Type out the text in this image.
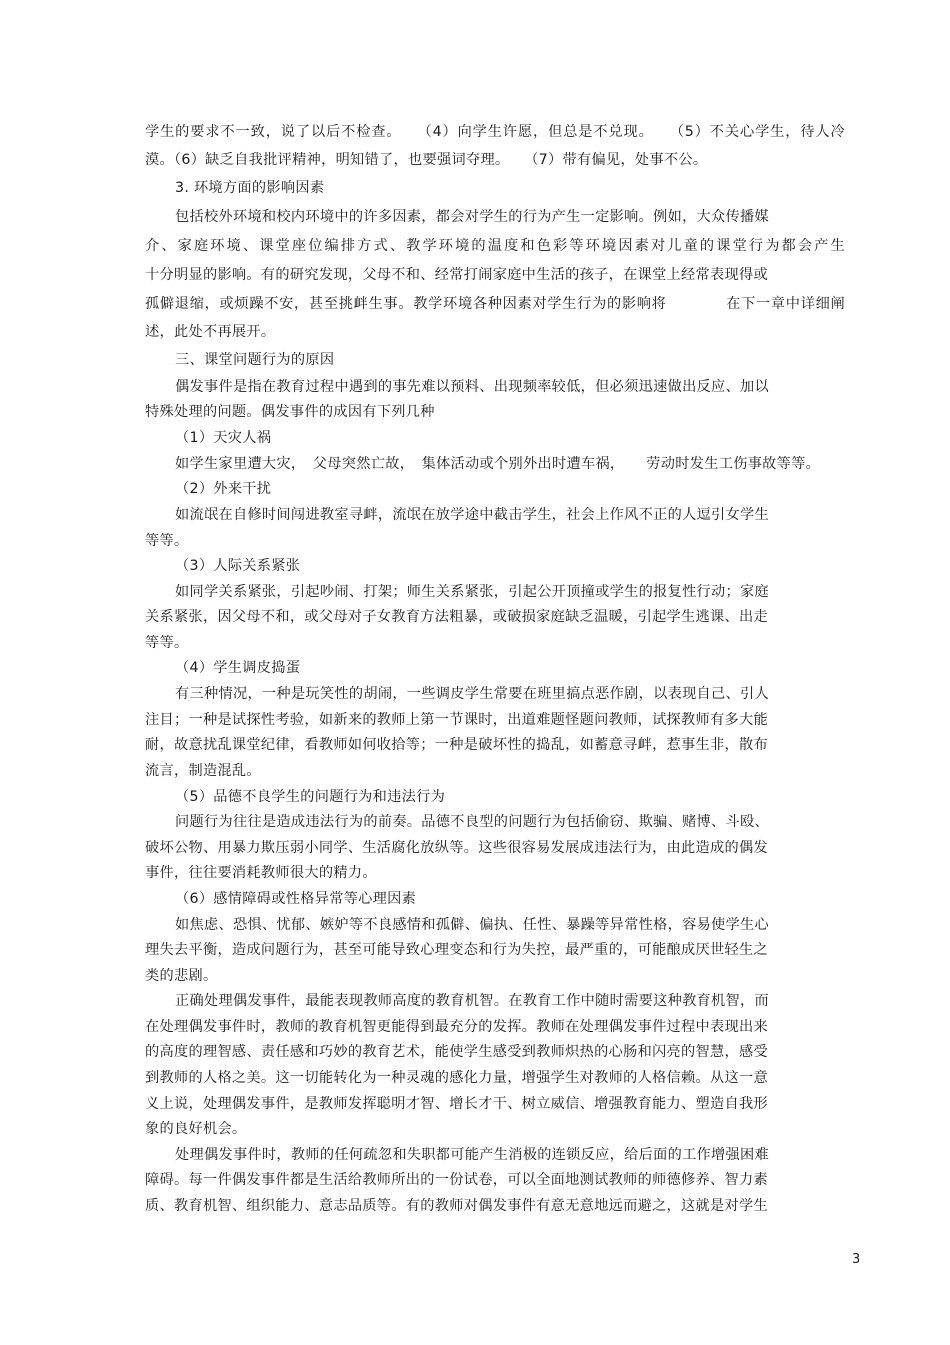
学生的要求不一致，说了以后不检查。　　（4）向学生许愿，但总是不兑现。　　（5）不关心学生，待人冷
漠。（6）缺乏自我批评精神，明知错了，也要强词夺理。　　（7）带有偏见，处事不公。
3. 环境方面的影响因素
包括校外环境和校内环境中的许多因素，都会对学生的行为产生一定影响。例如，大众传播媒
介、家庭环境、课堂座位编排方式、教学环境的温度和色彩等环境因素对儿童的课堂行为都会产生
十分明显的影响。有的研究发现，父母不和、经常打闹家庭中生活的孩子，在课堂上经常表现得或
孤僻退缩，或烦躁不安，甚至挑衅生事。教学环境各种因素对学生行为的影响将　　　　在下一章中详细阐
述，此处不再展开。
三、课堂问题行为的原因
偶发事件是指在教育过程中遇到的事先难以预料、出现频率较低，但必须迅速做出反应、加以
特殊处理的问题。偶发事件的成因有下列几种
（1）天灾人祸
如学生家里遭大灾，　父母突然亡故，　集体活动或个别外出时遭车祸，　　劳动时发生工伤事故等等。
（2）外来干扰
如流氓在自修时间闯进教室寻衅，流氓在放学途中截击学生，社会上作风不正的人逗引女学生
等等。
（3）人际关系紧张
如同学关系紧张，引起吵闹、打架；师生关系紧张，引起公开顶撞或学生的报复性行动；家庭
关系紧张，因父母不和，或父母对子女教育方法粗暴，或破损家庭缺乏温暖，引起学生逃课、出走
等等。
（4）学生调皮捣蛋
有三种情况，一种是玩笑性的胡闹，一些调皮学生常要在班里搞点恶作剧，以表现自己、引人
注目；一种是试探性考验，如新来的教师上第一节课时，出道难题怪题问教师，试探教师有多大能
耐，故意扰乱课堂纪律，看教师如何收拾等；一种是破坏性的捣乱，如蓄意寻衅，惹事生非，散布
流言，制造混乱。
（5）品德不良学生的问题行为和违法行为
问题行为往往是造成违法行为的前奏。品德不良型的问题行为包括偷窃、欺骗、赌博、斗殴、
破坏公物、用暴力欺压弱小同学、生活腐化放纵等。这些很容易发展成违法行为，由此造成的偶发
事件，往往要消耗教师很大的精力。
（6）感情障碍或性格异常等心理因素
如焦虑、恐惧、忧郁、嫉妒等不良感情和孤僻、偏执、任性、暴躁等异常性格，容易使学生心
理失去平衡，造成问题行为，甚至可能导致心理变态和行为失控，最严重的，可能酿成厌世轻生之
类的悲剧。
正确处理偶发事件，最能表现教师高度的教育机智。在教育工作中随时需要这种教育机智，而
在处理偶发事件时，教师的教育机智更能得到最充分的发挥。教师在处理偶发事件过程中表现出来
的高度的理智感、责任感和巧妙的教育艺术，能使学生感受到教师炽热的心肠和闪亮的智慧，感受
到教师的人格之美。这一切能转化为一种灵魂的感化力量，增强学生对教师的人格信赖。从这一意
义上说，处理偶发事件，是教师发挥聪明才智、增长才干、树立威信、增强教育能力、塑造自我形
象的良好机会。
处理偶发事件时，教师的任何疏忽和失职都可能产生消极的连锁反应，给后面的工作增强困难
障碍。每一件偶发事件都是生活给教师所出的一份试卷，可以全面地测试教师的师德修养、智力素
质、教育机智、组织能力、意志品质等。有的教师对偶发事件有意无意地远而避之，这就是对学生
3
